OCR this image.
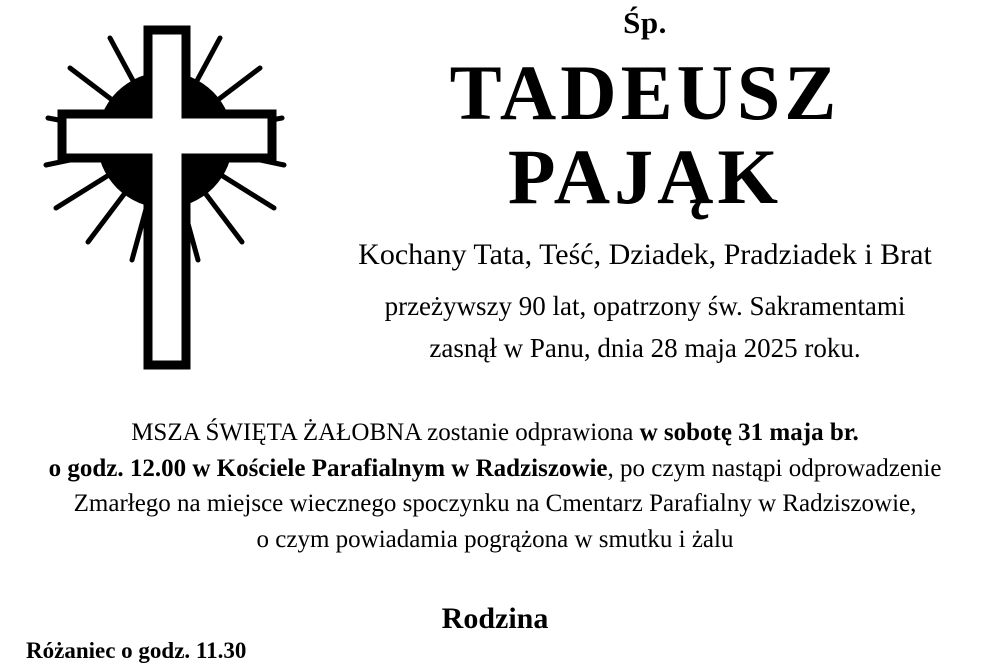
Śp.
TADEUSZ
PAJĄK
Kochany Tata, Teść, Dziadek, Pradziadek i Brat
przeżywszy 90 lat, opatrzony św. Sakramentami
zasnął w Panu, dnia 28 maja 2025 roku.
MSZA ŚWIĘTA ŻAŁOBNA zostanie odprawiona w sobotę 31 maja br.
o godz. 12.00 w Kościele Parafialnym w Radziszowie, po czym nastąpi odprowadzenie
Zmarłego na miejsce wiecznego spoczynku na Cmentarz Parafialny w Radziszowie,
o czym powiadamia pogrążona w smutku i żalu
Rodzina
Różaniec o godz. 11.30
